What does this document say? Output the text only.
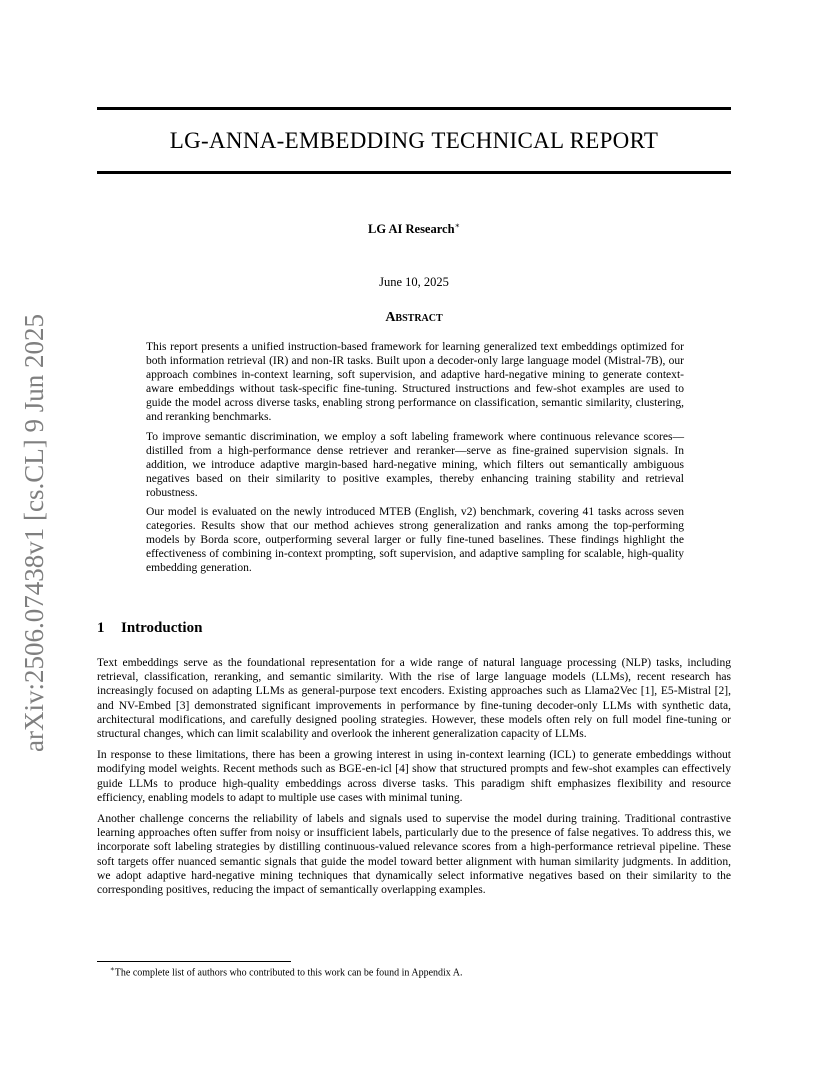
arXiv:2506.07438v1 [cs.CL] 9 Jun 2025
LG-ANNA-EMBEDDING TECHNICAL REPORT
LG AI Research∗
June 10, 2025
Abstract

This report presents a unified instruction-based framework for learning generalized text embeddings optimized for both information retrieval (IR) and non-IR tasks. Built upon a decoder-only large language model (Mistral-7B), our approach combines in-context learning, soft supervision, and adaptive hard-negative mining to generate context-aware embeddings without task-specific fine-tuning. Structured instructions and few-shot examples are used to guide the model across diverse tasks, enabling strong performance on classification, semantic similarity, clustering, and reranking benchmarks.

To improve semantic discrimination, we employ a soft labeling framework where continuous relevance scores—distilled from a high-performance dense retriever and reranker—serve as fine-grained supervision signals. In addition, we introduce adaptive margin-based hard-negative mining, which filters out semantically ambiguous negatives based on their similarity to positive examples, thereby enhancing training stability and retrieval robustness.

Our model is evaluated on the newly introduced MTEB (English, v2) benchmark, covering 41 tasks across seven categories. Results show that our method achieves strong generalization and ranks among the top-performing models by Borda score, outperforming several larger or fully fine-tuned baselines. These findings highlight the effectiveness of combining in-context prompting, soft supervision, and adaptive sampling for scalable, high-quality embedding generation.

1 Introduction

Text embeddings serve as the foundational representation for a wide range of natural language processing (NLP) tasks, including retrieval, classification, reranking, and semantic similarity. With the rise of large language models (LLMs), recent research has increasingly focused on adapting LLMs as general-purpose text encoders. Existing approaches such as Llama2Vec [1], E5-Mistral [2], and NV-Embed [3] demonstrated significant improvements in performance by fine-tuning decoder-only LLMs with synthetic data, architectural modifications, and carefully designed pooling strategies. However, these models often rely on full model fine-tuning or structural changes, which can limit scalability and overlook the inherent generalization capacity of LLMs.

In response to these limitations, there has been a growing interest in using in-context learning (ICL) to generate embeddings without modifying model weights. Recent methods such as BGE-en-icl [4] show that structured prompts and few-shot examples can effectively guide LLMs to produce high-quality embeddings across diverse tasks. This paradigm shift emphasizes flexibility and resource efficiency, enabling models to adapt to multiple use cases with minimal tuning.

Another challenge concerns the reliability of labels and signals used to supervise the model during training. Traditional contrastive learning approaches often suffer from noisy or insufficient labels, particularly due to the presence of false negatives. To address this, we incorporate soft labeling strategies by distilling continuous-valued relevance scores from a high-performance retrieval pipeline. These soft targets offer nuanced semantic signals that guide the model toward better alignment with human similarity judgments. In addition, we adopt adaptive hard-negative mining techniques that dynamically select informative negatives based on their similarity to the corresponding positives, reducing the impact of semantically overlapping examples.

∗The complete list of authors who contributed to this work can be found in Appendix A.
